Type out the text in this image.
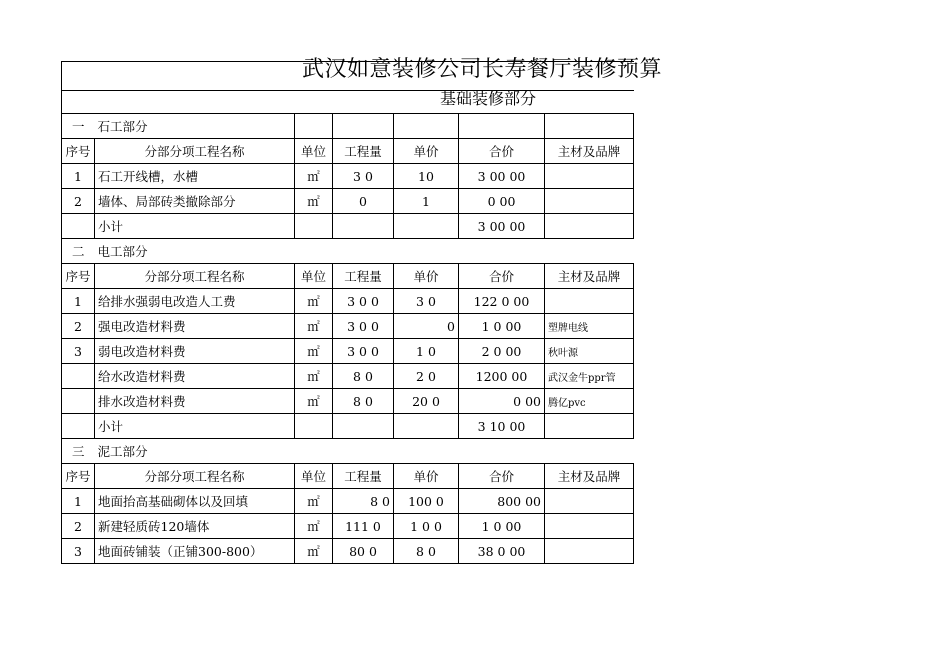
武汉如意装修公司长寿餐厅装修预算
基础装修部分
一	石工部分					
序号	分部分项工程名称	单位	工程量	单价	合价	主材及品牌
1	石工开线槽，水槽	㎡	3 0	10	3 00 00	
2	墙体、局部砖类撤除部分	㎡	0	1	0 00	
	小计				3 00 00	
二	电工部分					
序号	分部分项工程名称	单位	工程量	单价	合价	主材及品牌
1	给排水强弱电改造人工费	㎡	3 0 0	3 0	122 0 00	
2	强电改造材料费	㎡	3 0 0	0	1 0 00	塑牌电线
3	弱电改造材料费	㎡	3 0 0	1 0	2 0 00	秋叶源
	给水改造材料费	㎡	8 0	2 0	1200 00	武汉金牛ppr管
	排水改造材料费	㎡	8 0	20 0	0 00	腾亿pvc
	小计				3 10 00	
三	泥工部分					
序号	分部分项工程名称	单位	工程量	单价	合价	主材及品牌
1	地面抬高基础砌体以及回填	㎡	8 0	100 0	800 00	
2	新建轻质砖120墙体	㎡	111 0	1 0 0	1 0 00	
3	地面砖铺装（正铺300-800）	㎡	80 0	8 0	38 0 00	
